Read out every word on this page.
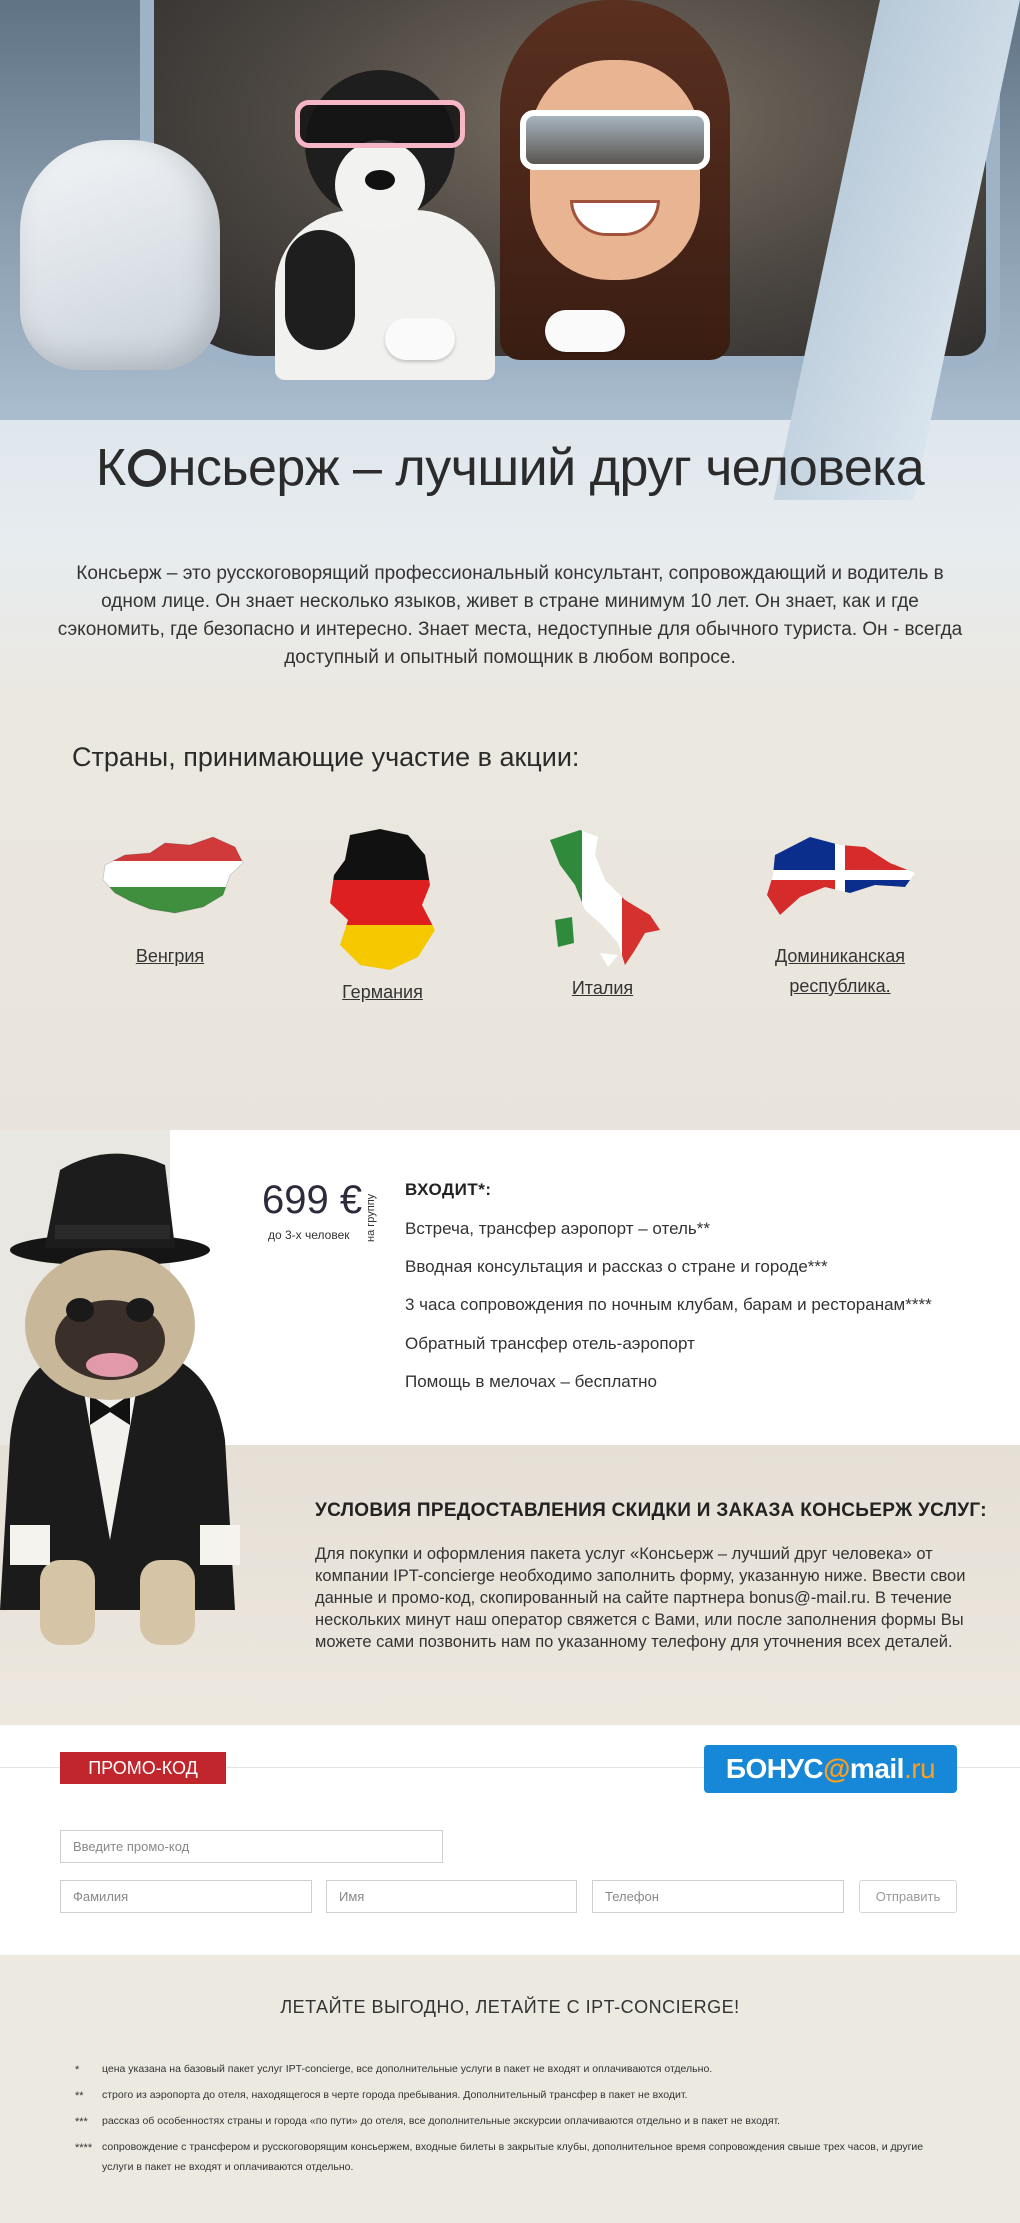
К нсьерж – лучший друг человека
Консьерж – это русскоговорящий профессиональный консультант, сопровождающий и водитель в одном лице. Он знает несколько языков, живет в стране минимум 10 лет. Он знает, как и где сэкономить, где безопасно и интересно. Знает места, недоступные для обычного туриста. Он - всегда доступный и опытный помощник в любом вопросе.
Страны, принимающие участие в акции:
Венгрия
Германия	Италия
Доминиканская
республика.
699 €
до 3-х человек на группу
ВХОДИТ*:
Встреча, трансфер аэропорт – отель**
Вводная консультация и рассказ о стране и городе***
3 часа сопровождения по ночным клубам, барам и ресторанам****
Обратный трансфер отель-аэропорт
Помощь в мелочах – бесплатно
УСЛОВИЯ ПРЕДОСТАВЛЕНИЯ СКИДКИ И ЗАКАЗА КОНСЬЕРЖ УСЛУГ:
Для покупки и оформления пакета услуг «Консьерж – лучший друг человека» от компании IPT-concierge необходимо заполнить форму, указанную ниже. Ввести свои данные и промо-код, скопированный на сайте партнера bonus@-mail.ru. В течение нескольких минут наш оператор свяжется с Вами, или после заполнения формы Вы можете сами позвонить нам по указанному телефону для уточнения всех деталей.
ПРОМО-КОД	БОНУС@mail.ru
Введите промо-код
Фамилия	Имя	Телефон	Отправить
ЛЕТАЙТЕ ВЫГОДНО, ЛЕТАЙТЕ С IPT-CONCIERGE!
* цена указана на базовый пакет услуг IPT-concierge, все дополнительные услуги в пакет не входят и оплачиваются отдельно.
** строго из аэропорта до отеля, находящегося в черте города пребывания. Дополнительный трансфер в пакет не входит.
*** рассказ об особенностях страны и города «по пути» до отеля, все дополнительные экскурсии оплачиваются отдельно и в пакет не входят.
**** сопровождение с трансфером и русскоговорящим консьержем, входные билеты в закрытые клубы, дополнительное время сопровождения свыше трех часов, и другие услуги в пакет не входят и оплачиваются отдельно.
